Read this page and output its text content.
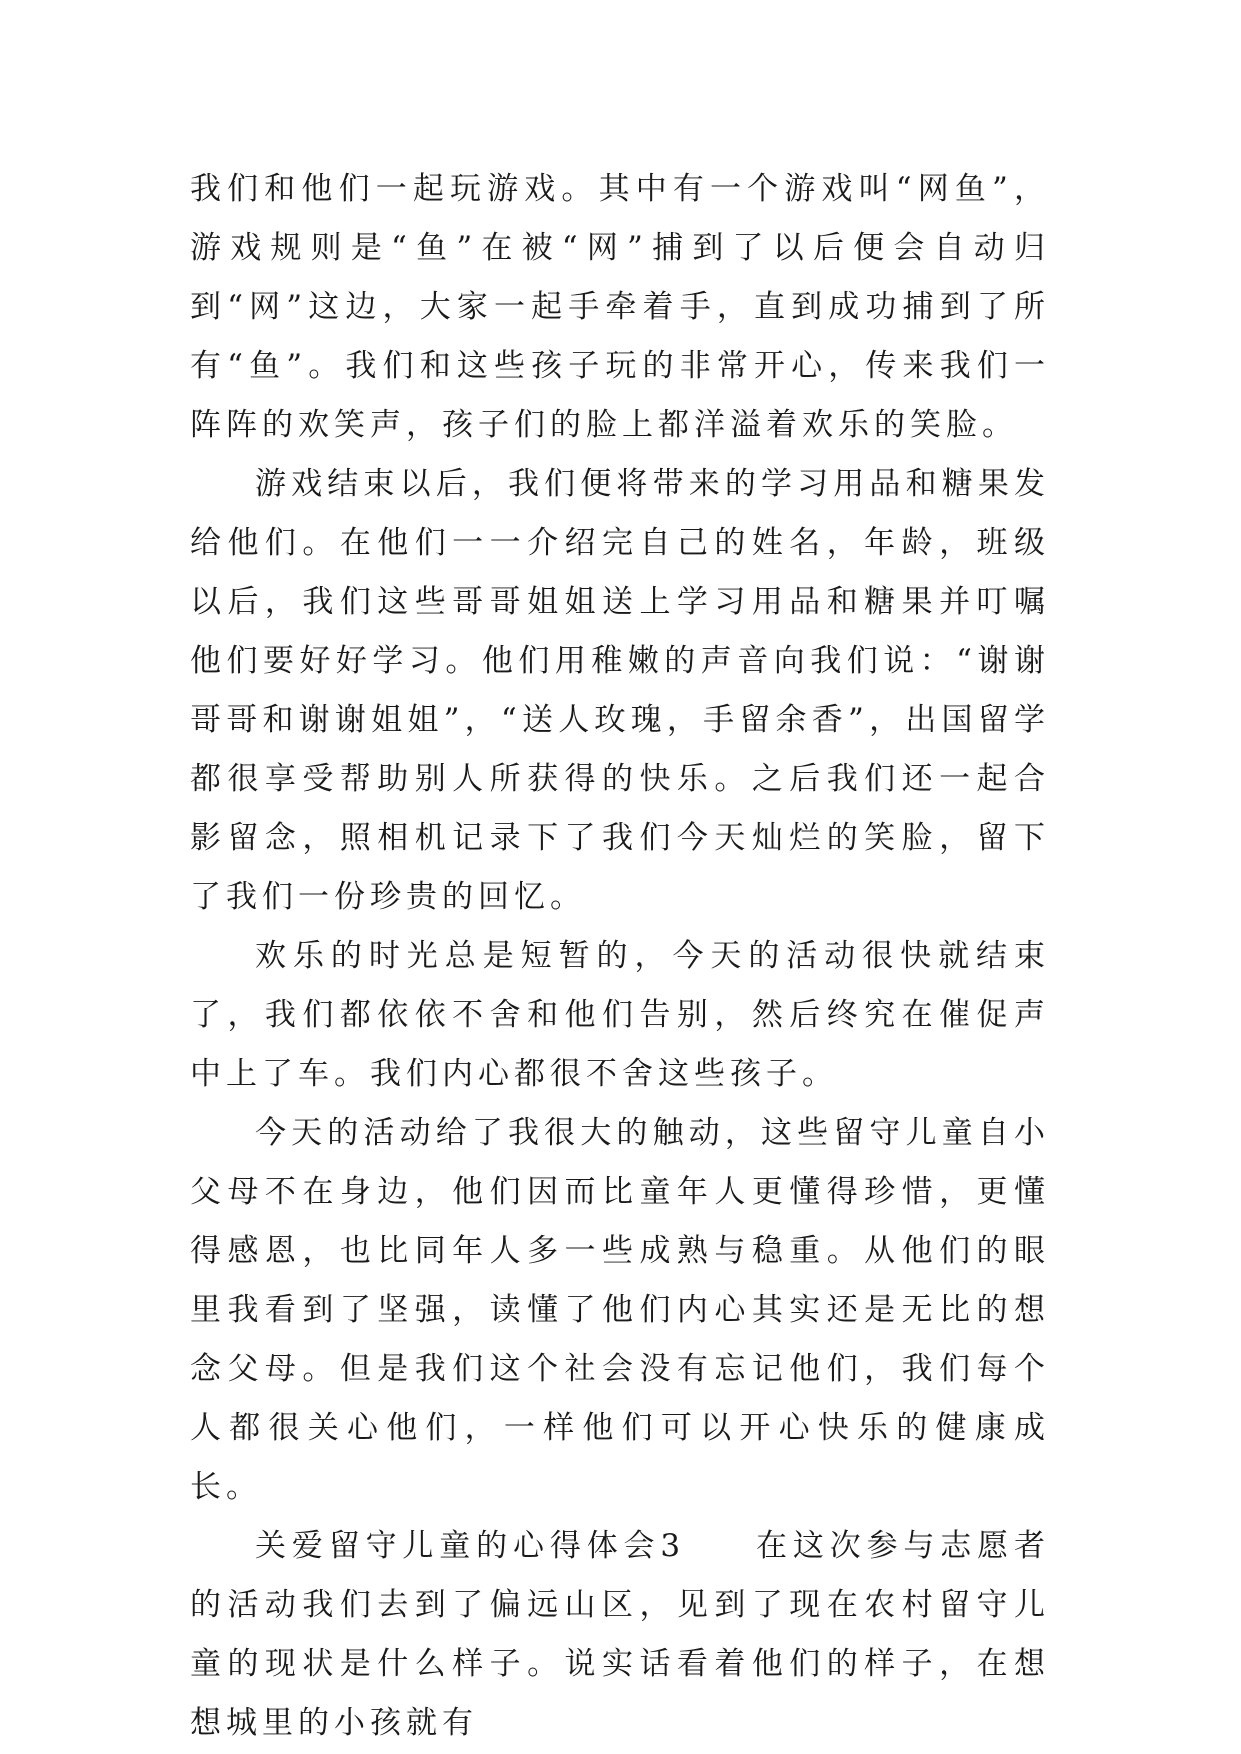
我们和他们一起玩游戏。其中有一个游戏叫“网鱼”，游戏规则是“鱼”在被“网”捕到了以后便会自动归到“网”这边，大家一起手牵着手，直到成功捕到了所有“鱼”。我们和这些孩子玩的非常开心，传来我们一阵阵的欢笑声，孩子们的脸上都洋溢着欢乐的笑脸。

游戏结束以后，我们便将带来的学习用品和糖果发给他们。在他们一一介绍完自己的姓名，年龄，班级以后，我们这些哥哥姐姐送上学习用品和糖果并叮嘱他们要好好学习。他们用稚嫩的声音向我们说：“谢谢哥哥和谢谢姐姐”，“送人玫瑰，手留余香”，出国留学都很享受帮助别人所获得的快乐。之后我们还一起合影留念，照相机记录下了我们今天灿烂的笑脸，留下了我们一份珍贵的回忆。

欢乐的时光总是短暂的，今天的活动很快就结束了，我们都依依不舍和他们告别，然后终究在催促声中上了车。我们内心都很不舍这些孩子。

今天的活动给了我很大的触动，这些留守儿童自小父母不在身边，他们因而比童年人更懂得珍惜，更懂得感恩，也比同年人多一些成熟与稳重。从他们的眼里我看到了坚强，读懂了他们内心其实还是无比的想念父母。但是我们这个社会没有忘记他们，我们每个人都很关心他们，一样他们可以开心快乐的健康成长。

关爱留守儿童的心得体会3 在这次参与志愿者的活动我们去到了偏远山区，见到了现在农村留守儿童的现状是什么样子。说实话看着他们的样子，在想想城里的小孩就有
